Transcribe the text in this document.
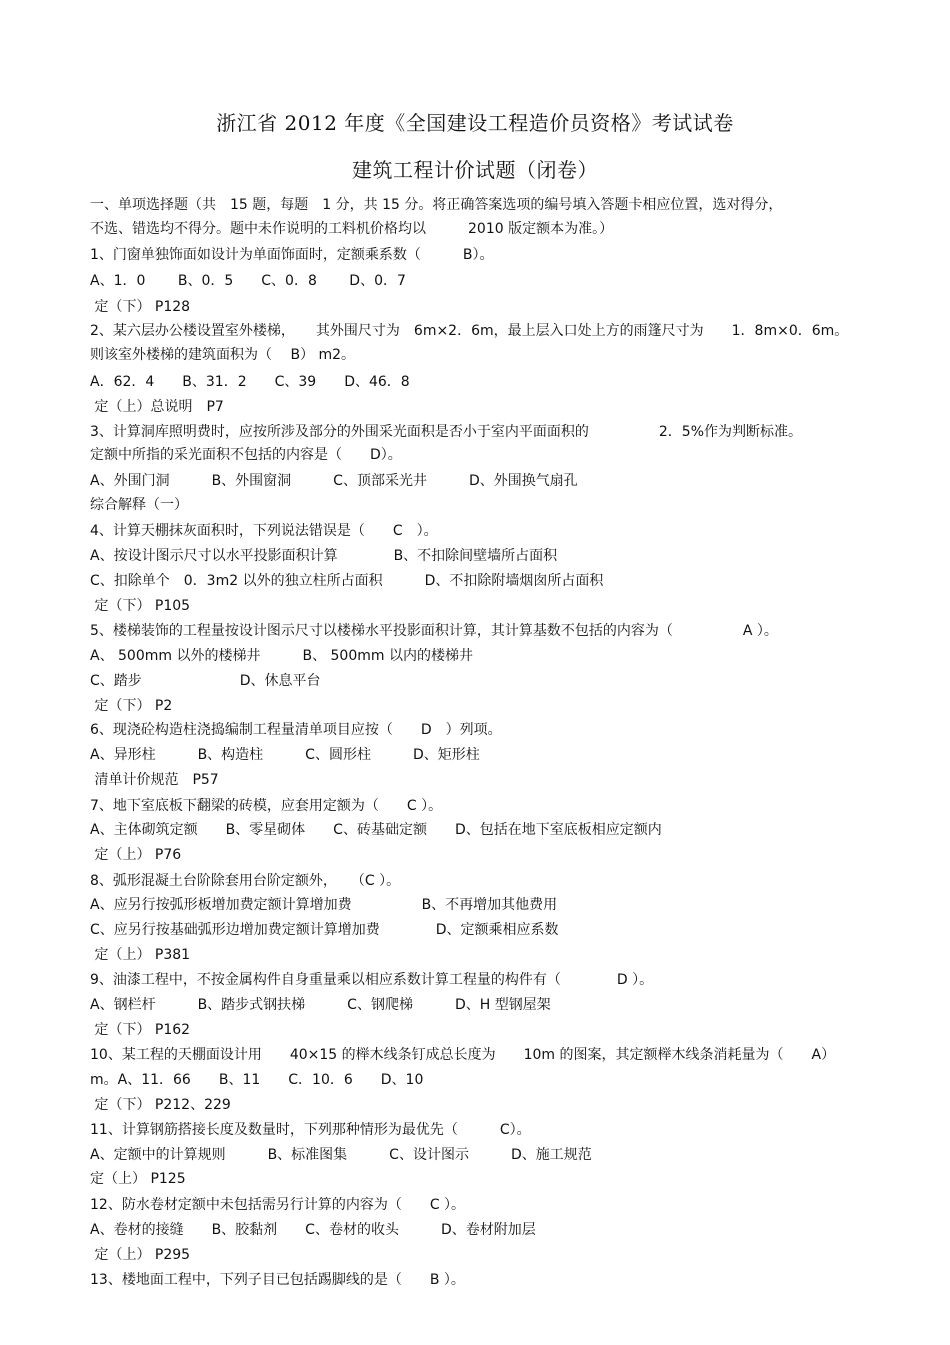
浙江省 2012 年度《全国建设工程造价员资格》考试试卷
建筑工程计价试题（闭卷）
一、单项选择题（共　15 题，每题　1 分，共 15 分。将正确答案选项的编号填入答题卡相应位置，选对得分，
不选、错选均不得分。题中未作说明的工料机价格均以　　　2010 版定额本为准。）
1、门窗单独饰面如设计为单面饰面时，定额乘系数（　　　B）。
A、1．0　　 B、0．5　　C、0．8　　 D、0．7
定（下） P128
2、某六层办公楼设置室外楼梯，　　其外围尺寸为　6m×2．6m，最上层入口处上方的雨篷尺寸为　　1．8m×0．6m。
则该室外楼梯的建筑面积为（　 B） m2。
A．62．4　　B、31．2　　C、39　　D、46．8
定（上）总说明　P7
3、计算洞库照明费时，应按所涉及部分的外围采光面积是否小于室内平面面积的　　　　　2．5%作为判断标准。
定额中所指的采光面积不包括的内容是（　　D）。
A、外围门洞　　　B、外围窗洞　　　C、顶部采光井　　　D、外围换气扇孔
综合解释（一）
4、计算天棚抹灰面积时，下列说法错误是（　　C　）。
A、按设计图示尺寸以水平投影面积计算　　　　B、不扣除间壁墙所占面积
C、扣除单个　0．3m2 以外的独立柱所占面积　　　D、不扣除附墙烟囱所占面积
定（下） P105
5、楼梯装饰的工程量按设计图示尺寸以楼梯水平投影面积计算，其计算基数不包括的内容为（　　　　　A ）。
A、 500mm 以外的楼梯井　　　B、 500mm 以内的楼梯井
C、踏步　　　　　　　D、休息平台
定（下） P2
6、现浇砼构造柱浇捣编制工程量清单项目应按（　　D　）列项。
A、异形柱　　　B、构造柱　　　C、圆形柱　　　D、矩形柱
清单计价规范　P57
7、地下室底板下翻梁的砖模，应套用定额为（　　C ）。
A、主体砌筑定额　　B、零星砌体　　C、砖基础定额　　D、包括在地下室底板相应定额内
定（上） P76
8、弧形混凝土台阶除套用台阶定额外，　　（C ）。
A、应另行按弧形板增加费定额计算增加费　　　　　B、不再增加其他费用
C、应另行按基础弧形边增加费定额计算增加费　　　　D、定额乘相应系数
定（上） P381
9、油漆工程中，不按金属构件自身重量乘以相应系数计算工程量的构件有（　　　　D ）。
A、钢栏杆　　　B、踏步式钢扶梯　　　C、钢爬梯　　　D、H 型钢屋架
定（下） P162
10、某工程的天棚面设计用　　40×15 的榉木线条钉成总长度为　　10m 的图案，其定额榉木线条消耗量为（　　A）
m。A、11．66　　B、11　　C．10．6　　D、10
定（下） P212、229
11、计算钢筋搭接长度及数量时，下列那种情形为最优先（　　　C）。
A、定额中的计算规则　　　B、标准图集　　　C、设计图示　　　D、施工规范
定（上） P125
12、防水卷材定额中未包括需另行计算的内容为（　　C ）。
A、卷材的接缝　　B、胶黏剂　　C、卷材的收头　　　D、卷材附加层
定（上） P295
13、楼地面工程中，下列子目已包括踢脚线的是（　　B ）。
